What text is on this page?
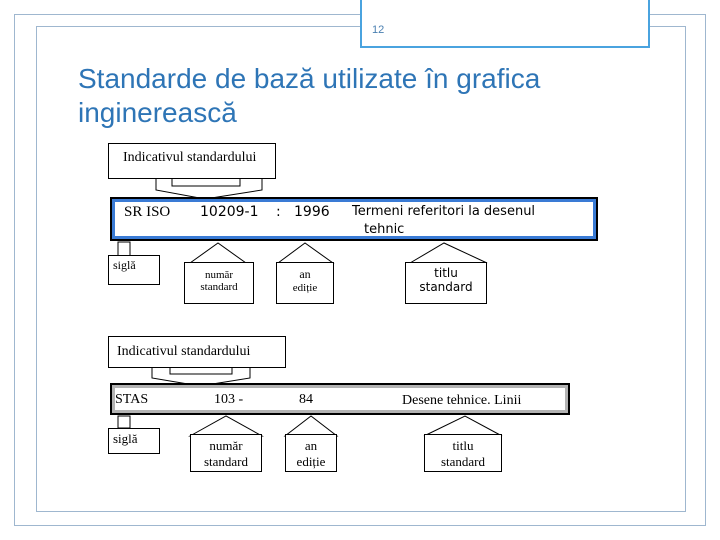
12
Standarde de bază utilizate în grafica inginerească
Indicativul standardului
SR ISO 10209-1 : 1996 Termeni referitori la desenul
tehnic
siglă
număr
standard
an
ediție
titlu
standard
Indicativul standardului
STAS	103 -	84	Desene tehnice. Linii
siglă	număr
standard
an
ediție
titlu
standard
